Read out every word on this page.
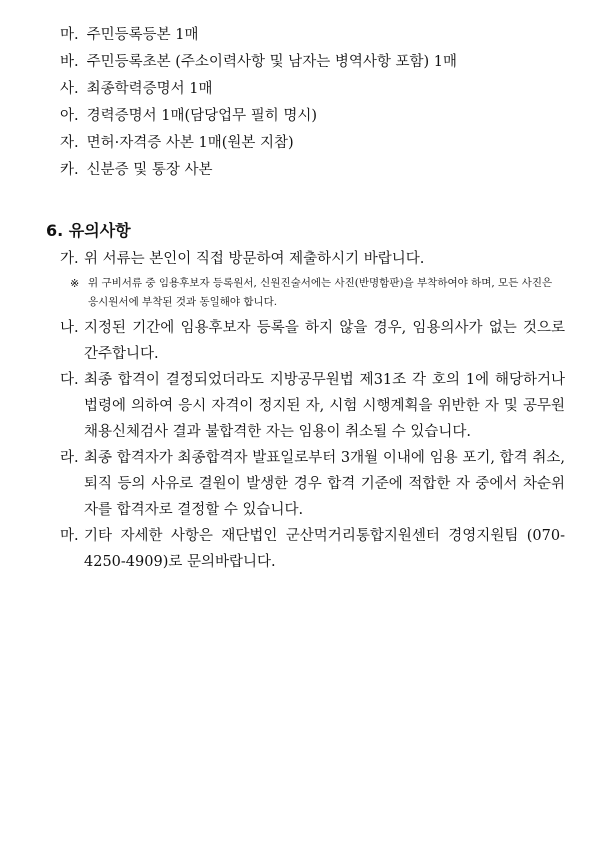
마. 주민등록등본 1매
바. 주민등록초본 (주소이력사항 및 남자는 병역사항 포함) 1매
사. 최종학력증명서 1매
아. 경력증명서 1매(담당업무 필히 명시)
자. 면허·자격증 사본 1매(원본 지참)
카. 신분증 및 통장 사본
6. 유의사항
가. 위 서류는 본인이 직접 방문하여 제출하시기 바랍니다.
※ 위 구비서류 중 임용후보자 등록원서, 신원진술서에는 사진(반명함판)을 부착하여야 하며, 모든 사진은 응시원서에 부착된 것과 동일해야 합니다.
나. 지정된 기간에 임용후보자 등록을 하지 않을 경우, 임용의사가 없는 것으로 간주합니다.
다. 최종 합격이 결정되었더라도 지방공무원법 제31조 각 호의 1에 해당하거나 법령에 의하여 응시 자격이 정지된 자, 시험 시행계획을 위반한 자 및 공무원 채용신체검사 결과 불합격한 자는 임용이 취소될 수 있습니다.
라. 최종 합격자가 최종합격자 발표일로부터 3개월 이내에 임용 포기, 합격 취소, 퇴직 등의 사유로 결원이 발생한 경우 합격 기준에 적합한 자 중에서 차순위자를 합격자로 결정할 수 있습니다.
마. 기타 자세한 사항은 재단법인 군산먹거리통합지원센터 경영지원팀 (070-4250-4909)로 문의바랍니다.
